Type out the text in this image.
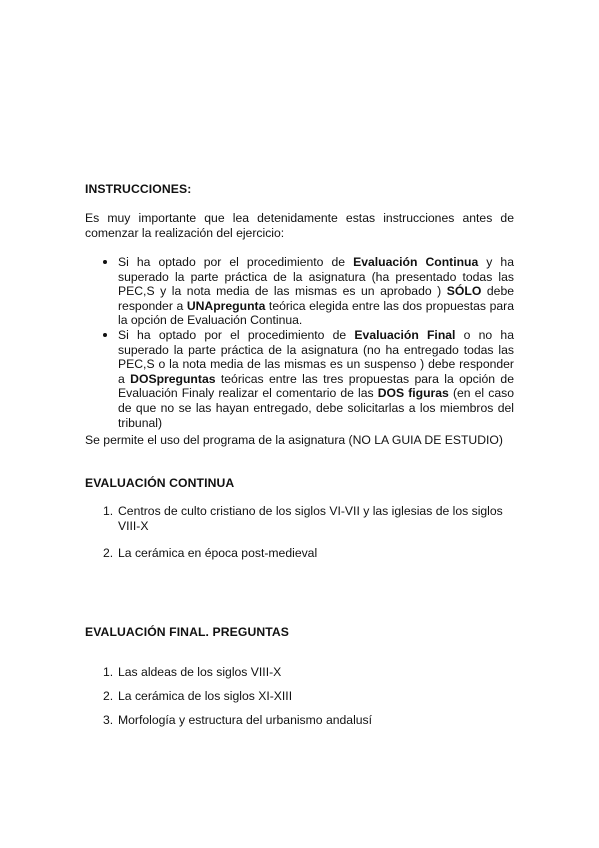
INSTRUCCIONES:

Es muy importante que lea detenidamente estas instrucciones antes de comenzar la realización del ejercicio:

Si ha optado por el procedimiento de Evaluación Continua y ha superado la parte práctica de la asignatura (ha presentado todas las PEC,S y la nota media de las mismas es un aprobado ) SÓLO debe responder a UNApregunta teórica elegida entre las dos propuestas para la opción de Evaluación Continua.
Si ha optado por el procedimiento de Evaluación Final o no ha superado la parte práctica de la asignatura (no ha entregado todas las PEC,S o la nota media de las mismas es un suspenso ) debe responder a DOSpreguntas teóricas entre las tres propuestas para la opción de Evaluación Finaly realizar el comentario de las DOS figuras (en el caso de que no se las hayan entregado, debe solicitarlas a los miembros del tribunal)

Se permite el uso del programa de la asignatura (NO LA GUIA DE ESTUDIO)

EVALUACIÓN CONTINUA
1. Centros de culto cristiano de los siglos VI-VII y las iglesias de los siglos VIII-X
2. La cerámica en época post-medieval
EVALUACIÓN FINAL. PREGUNTAS
1. Las aldeas de los siglos VIII-X
2. La cerámica de los siglos XI-XIII
3. Morfología y estructura del urbanismo andalusí
